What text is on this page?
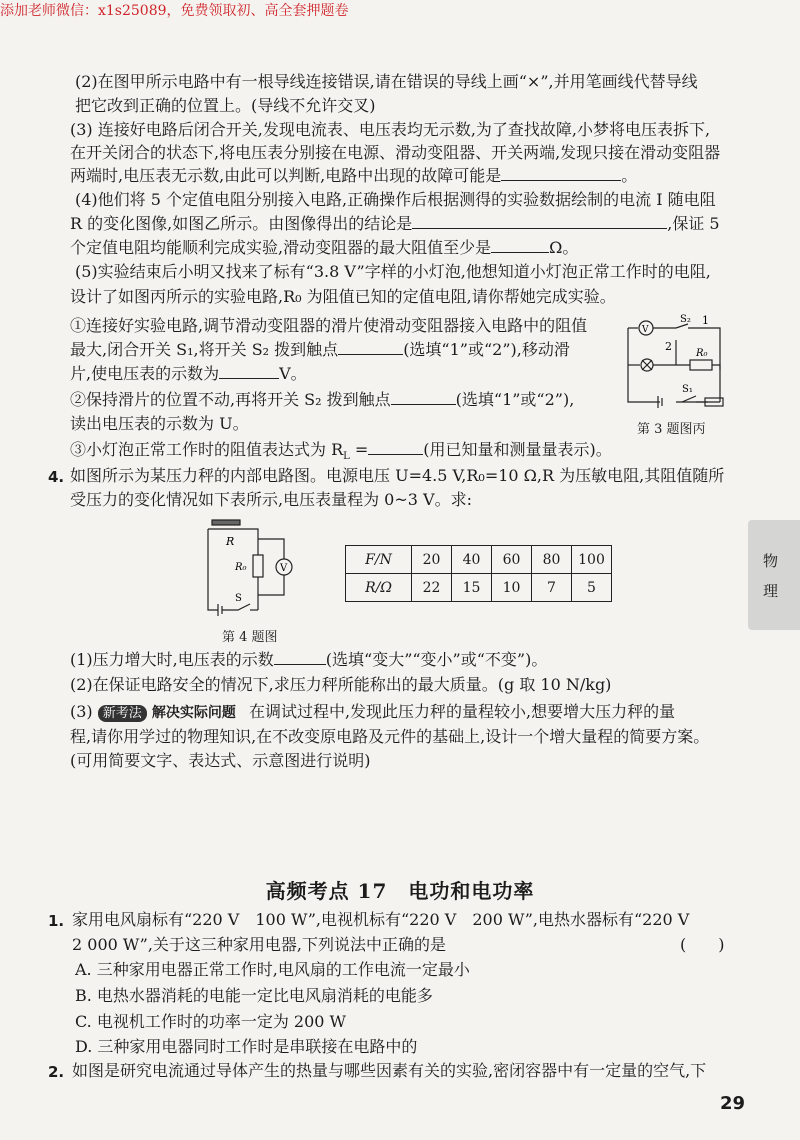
添加老师微信：x1s25089，免费领取初、高全套押题卷
物
理
(2)在图甲所示电路中有一根导线连接错误,请在错误的导线上画“×”,并用笔画线代替导线
把它改到正确的位置上。(导线不允许交叉)
(3) 连接好电路后闭合开关,发现电流表、电压表均无示数,为了查找故障,小梦将电压表拆下,
在开关闭合的状态下,将电压表分别接在电源、滑动变阻器、开关两端,发现只接在滑动变阻器
两端时,电压表无示数,由此可以判断,电路中出现的故障可能是	。
(4)他们将 5 个定值电阻分别接入电路,正确操作后根据测得的实验数据绘制的电流 I 随电阻
R 的变化图像,如图乙所示。由图像得出的结论是	,保证 5
个定值电阻均能顺利完成实验,滑动变阻器的最大阻值至少是	Ω。
(5)实验结束后小明又找来了标有“3.8 V”字样的小灯泡,他想知道小灯泡正常工作时的电阻,
设计了如图丙所示的实验电路,R₀ 为阻值已知的定值电阻,请你帮她完成实验。
①连接好实验电路,调节滑动变阻器的滑片使滑动变阻器接入电路中的阻值
最大,闭合开关 S₁,将开关 S₂ 拨到触点	(选填“1”或“2”),移动滑
片,使电压表的示数为	V。
②保持滑片的位置不动,再将开关 S₂ 拨到触点	(选填“1”或“2”),
读出电压表的示数为 U。
③小灯泡正常工作时的阻值表达式为 $R_L$ =	(用已知量和测量量表示)。
V
S₂ 1
2
R₀
S₁
第 3 题图丙
4. 如图所示为某压力秤的内部电路图。电源电压 U=4.5 V,R₀=10 Ω,R 为压敏电阻,其阻值随所
受压力的变化情况如下表所示,电压表量程为 0~3 V。求:
R
R₀	V
S
第 4 题图
F/N	20	40	60	80	100
R/Ω	22	15	10	7	5
(1)压力增大时,电压表的示数	(选填“变大”“变小”或“不变”)。
(2)在保证电路安全的情况下,求压力秤所能称出的最大质量。(g 取 10 N/kg)
(3) 新考法 解决实际问题 在调试过程中,发现此压力秤的量程较小,想要增大压力秤的量
程,请你用学过的物理知识,在不改变原电路及元件的基础上,设计一个增大量程的简要方案。
(可用简要文字、表达式、示意图进行说明)
高频考点 17　电功和电功率
1. 家用电风扇标有“220 V　100 W”,电视机标有“220 V　200 W”,电热水器标有“220 V
2 000 W”,关于这三种家用电器,下列说法中正确的是	(　　)
A. 三种家用电器正常工作时,电风扇的工作电流一定最小
B. 电热水器消耗的电能一定比电风扇消耗的电能多
C. 电视机工作时的功率一定为 200 W
D. 三种家用电器同时工作时是串联接在电路中的
2. 如图是研究电流通过导体产生的热量与哪些因素有关的实验,密闭容器中有一定量的空气,下
29
